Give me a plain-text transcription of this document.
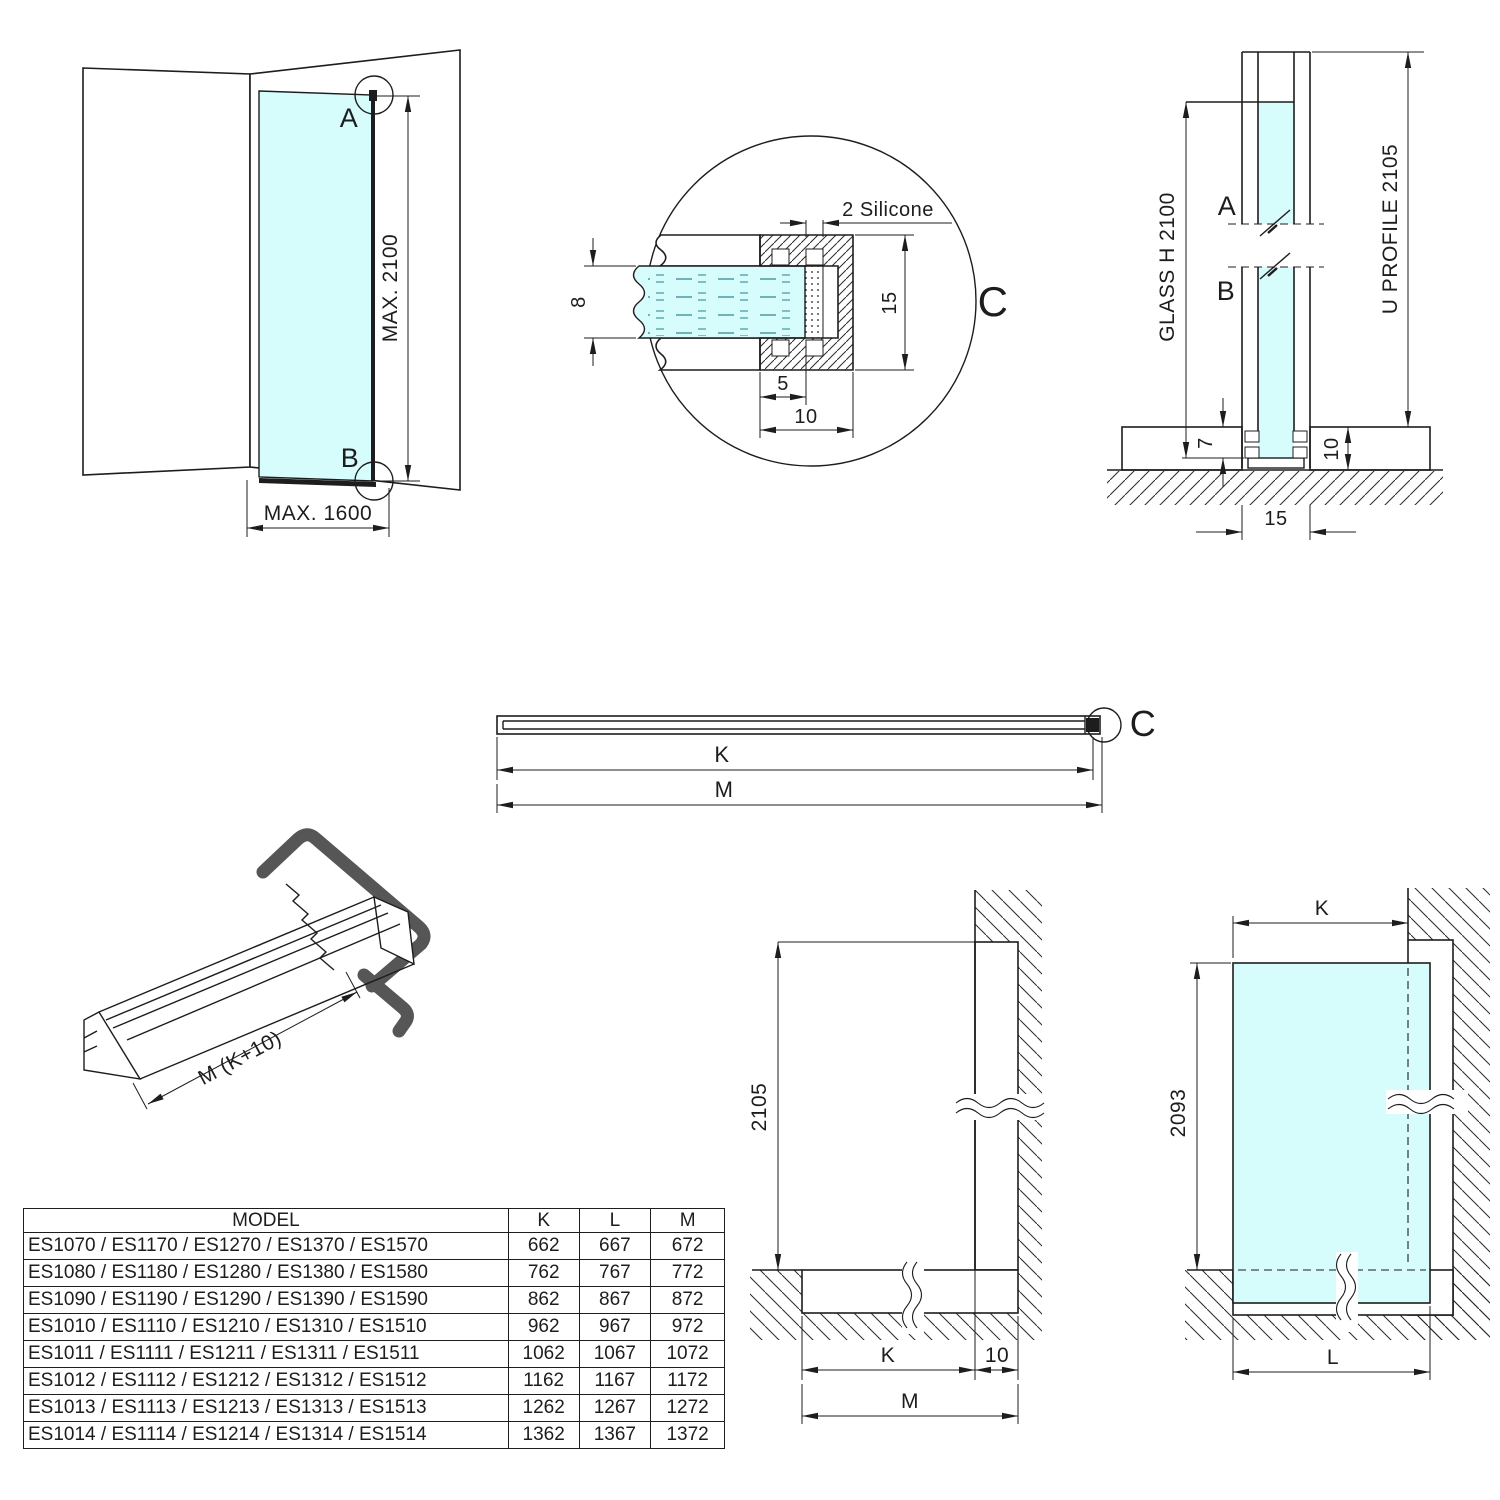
A
B
MAX. 2100
MAX. 1600
8	15
5
10
2 Silicone
C
A
B
GLASS H 2100	U PROFILE 2105
7	10
15
C
K
M
M (K+10)
2105
K	10
M
K
2093
L
MODEL	K	L	M
ES1070 / ES1170 / ES1270 / ES1370 / ES1570	662	667	672
ES1080 / ES1180 / ES1280 / ES1380 / ES1580	762	767	772
ES1090 / ES1190 / ES1290 / ES1390 / ES1590	862	867	872
ES1010 / ES1110 / ES1210 / ES1310 / ES1510	962	967	972
ES1011 / ES1111 / ES1211 / ES1311 / ES1511	1062	1067	1072
ES1012 / ES1112 / ES1212 / ES1312 / ES1512	1162	1167	1172
ES1013 / ES1113 / ES1213 / ES1313 / ES1513	1262	1267	1272
ES1014 / ES1114 / ES1214 / ES1314 / ES1514	1362	1367	1372
